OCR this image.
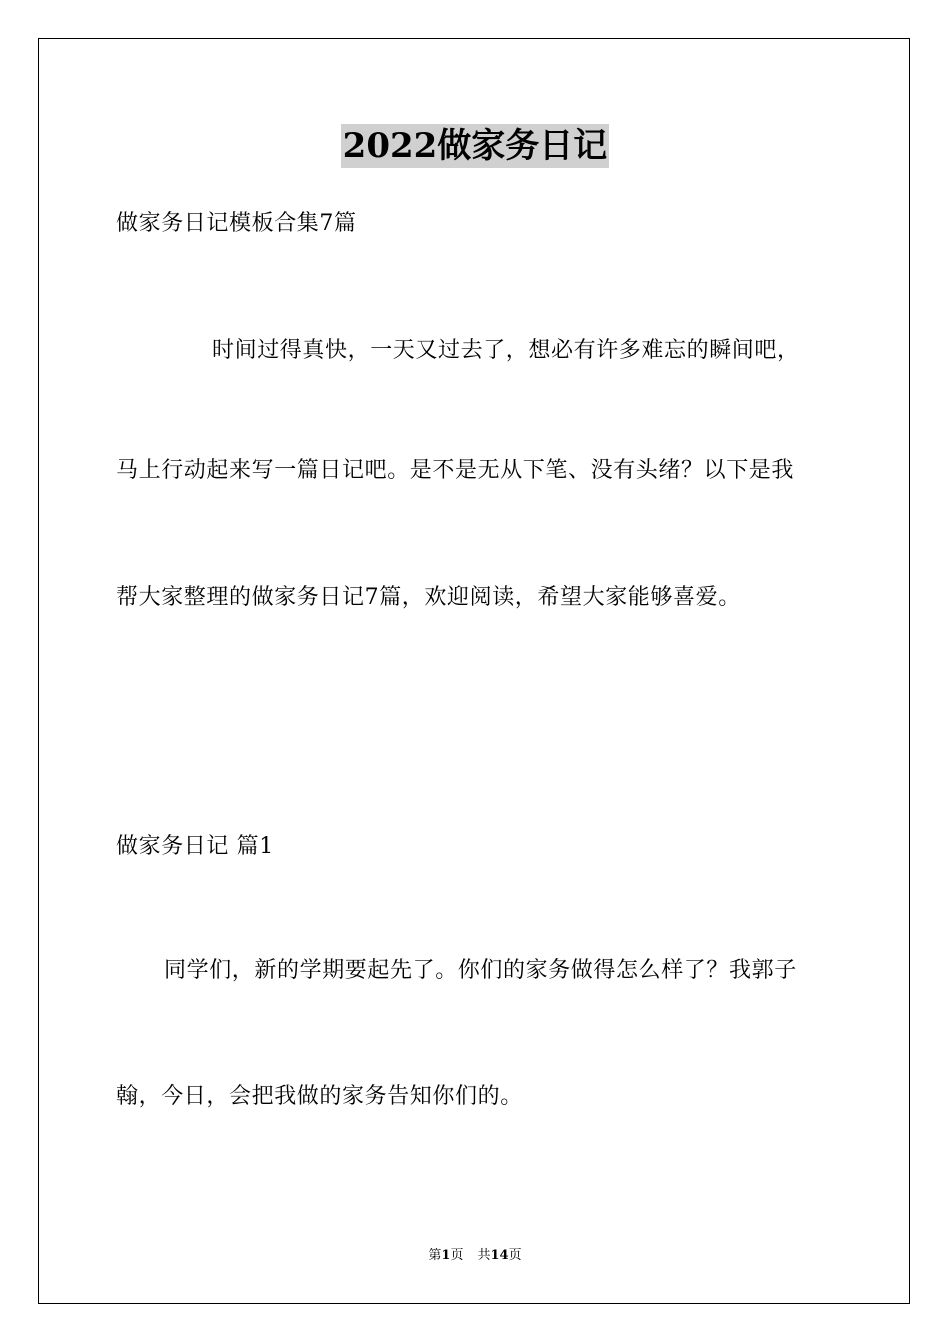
2022做家务日记
做家务日记模板合集7篇
时间过得真快，一天又过去了，想必有许多难忘的瞬间吧，
马上行动起来写一篇日记吧。是不是无从下笔、没有头绪？以下是我
帮大家整理的做家务日记7篇，欢迎阅读，希望大家能够喜爱。
做家务日记 篇1
同学们，新的学期要起先了。你们的家务做得怎么样了？我郭子
翰，今日，会把我做的家务告知你们的。
第1页 共14页
